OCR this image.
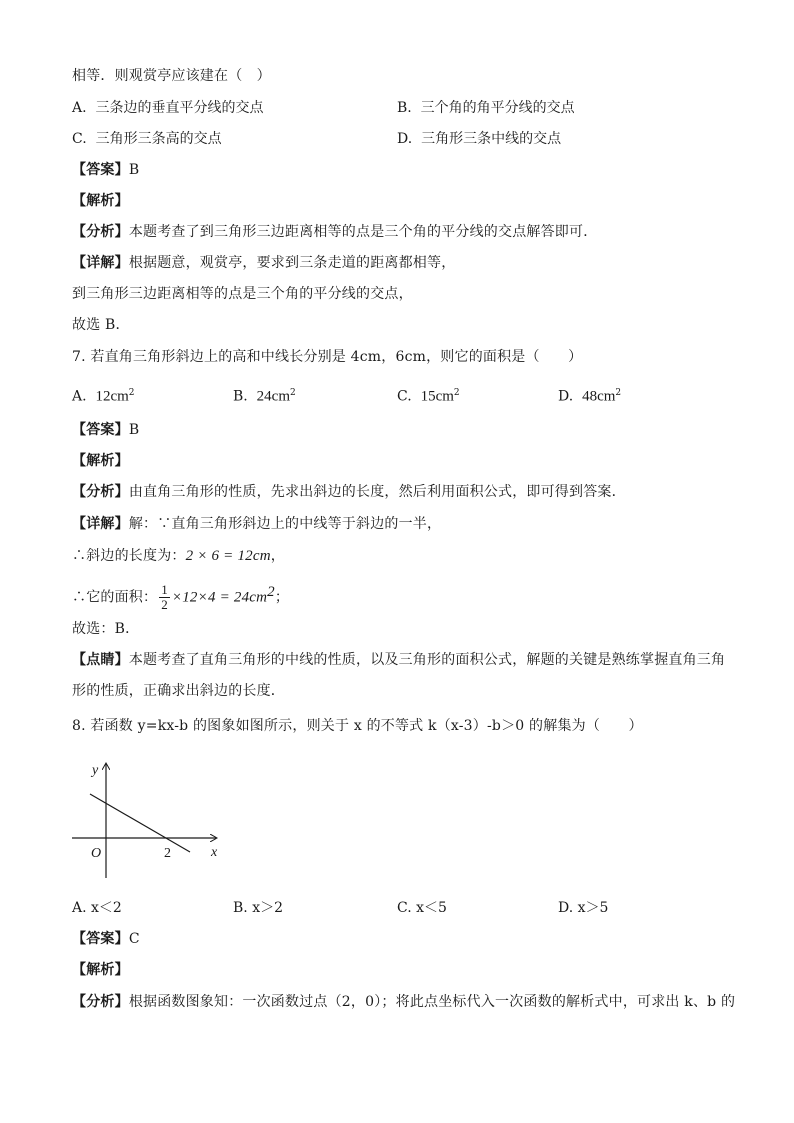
相等．则观赏亭应该建在（　）
A. 三条边的垂直平分线的交点	B. 三个角的角平分线的交点
C. 三角形三条高的交点	D. 三角形三条中线的交点
【答案】B
【解析】
【分析】本题考查了到三角形三边距离相等的点是三个角的平分线的交点解答即可．
【详解】根据题意，观赏亭，要求到三条走道的距离都相等，
到三角形三边距离相等的点是三个角的平分线的交点，
故选 B．
7. 若直角三角形斜边上的高和中线长分别是 4cm，6cm，则它的面积是（　　）
A. $12cm^2$	B. $24cm^2$	C. $15cm^2$	D. $48cm^2$
【答案】B
【解析】
【分析】由直角三角形的性质，先求出斜边的长度，然后利用面积公式，即可得到答案．
【详解】解：∵直角三角形斜边上的中线等于斜边的一半，
∴斜边的长度为：2 × 6 = 12cm，
∴它的面积： $\frac{1}{2} \times 12\times 4 = 24cm^2$；
故选：B．
【点睛】本题考查了直角三角形的中线的性质，以及三角形的面积公式，解题的关键是熟练掌握直角三角
形的性质，正确求出斜边的长度．
8. 若函数 y=kx-b 的图象如图所示，则关于 x 的不等式 k（x-3）-b＞0 的解集为（　　）
y
x
O	2
A. x＜2	B. x＞2	C. x＜5	D. x＞5
【答案】C
【解析】
【分析】根据函数图象知：一次函数过点（2，0）；将此点坐标代入一次函数的解析式中，可求出 k、b 的
